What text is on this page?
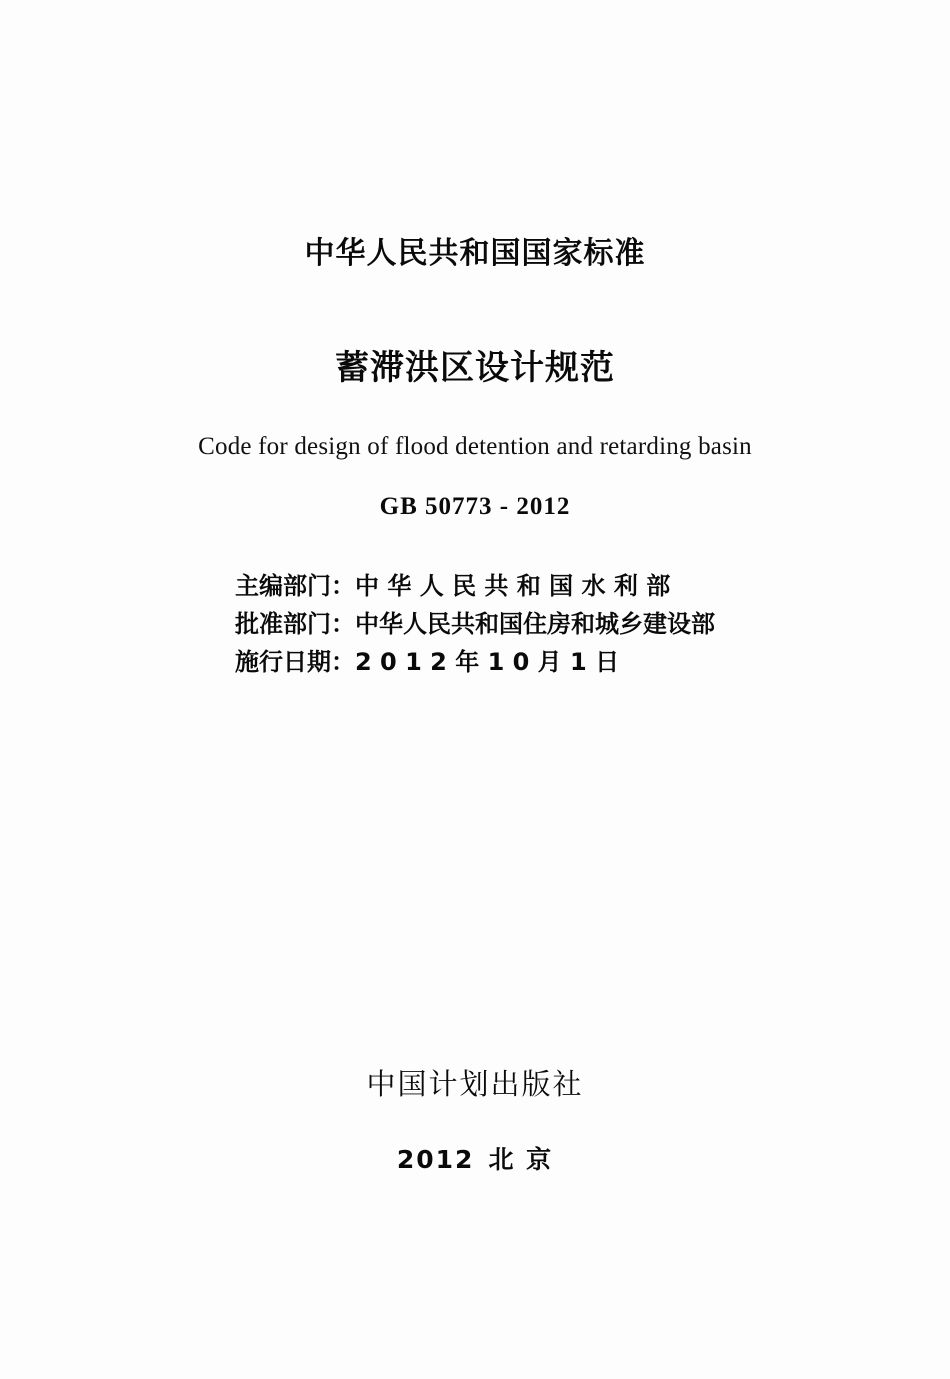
中华人民共和国国家标准
蓄滞洪区设计规范
Code for design of flood detention and retarding basin
GB 50773 - 2012
主编部门：中 华 人 民 共 和 国 水 利 部
批准部门：中华人民共和国住房和城乡建设部
施行日期：2 0 1 2 年 1 0 月 1 日
中国计划出版社
2012 北 京
